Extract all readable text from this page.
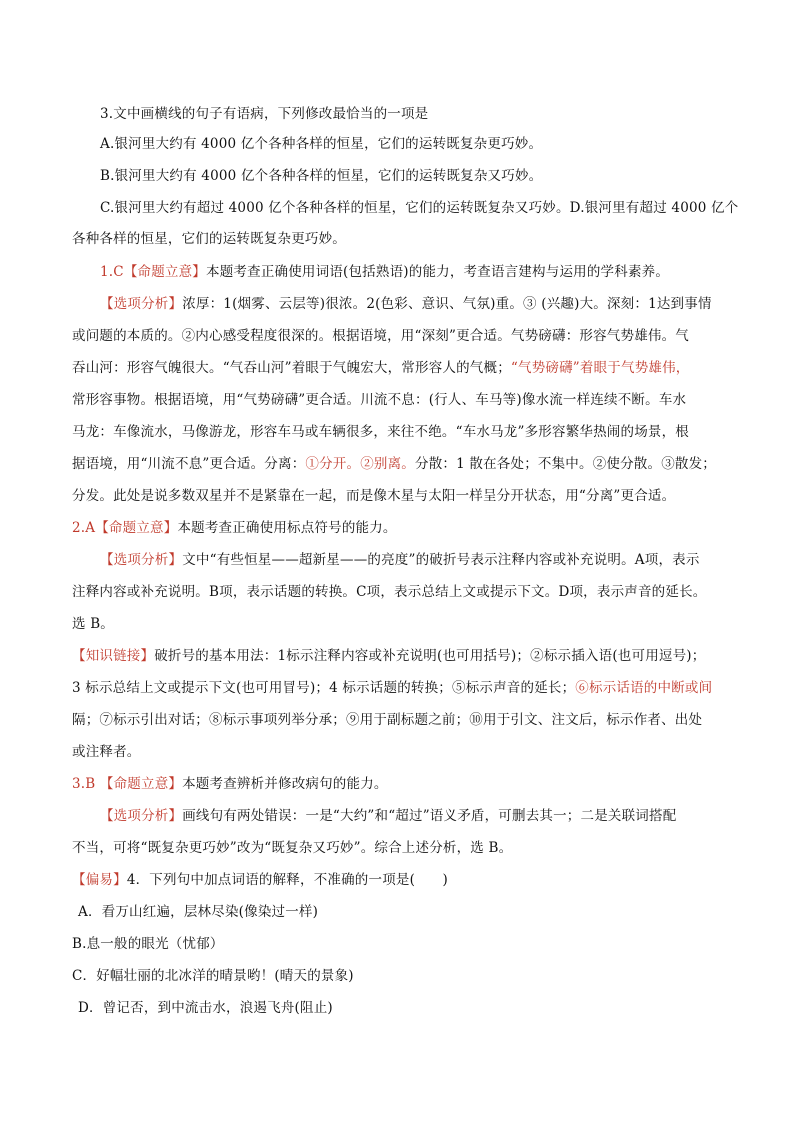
3.文中画横线的句子有语病，下列修改最恰当的一项是
A.银河里大约有 4000 亿个各种各样的恒星，它们的运转既复杂更巧妙。
B.银河里大约有 4000 亿个各种各样的恒星，它们的运转既复杂又巧妙。
C.银河里大约有超过 4000 亿个各种各样的恒星，它们的运转既复杂又巧妙。D.银河里有超过 4000 亿个
各种各样的恒星，它们的运转既复杂更巧妙。
1.C【命题立意】本题考查正确使用词语(包括熟语)的能力，考查语言建构与运用的学科素养。
【选项分析】浓厚：1(烟雾、云层等)很浓。2(色彩、意识、气氛)重。③ (兴趣)大。深刻：1达到事情
或问题的本质的。②内心感受程度很深的。根据语境，用“深刻”更合适。气势磅礴：形容气势雄伟。气
吞山河：形容气魄很大。“气吞山河”着眼于气魄宏大，常形容人的气概；“气势磅礴”着眼于气势雄伟，
常形容事物。根据语境，用“气势磅礴”更合适。川流不息：(行人、车马等)像水流一样连续不断。车水
马龙：车像流水，马像游龙，形容车马或车辆很多，来往不绝。“车水马龙”多形容繁华热闹的场景，根
据语境，用“川流不息”更合适。分离：①分开。②别离。分散：1 散在各处；不集中。②使分散。③散发；
分发。此处是说多数双星并不是紧靠在一起，而是像木星与太阳一样呈分开状态，用“分离”更合适。
2.A【命题立意】本题考查正确使用标点符号的能力。
【选项分析】文中“有些恒星——超新星——的亮度”的破折号表示注释内容或补充说明。A项，表示
注释内容或补充说明。B项，表示话题的转换。C项，表示总结上文或提示下文。D项，表示声音的延长。
选 B。
【知识链接】破折号的基本用法：1标示注释内容或补充说明(也可用括号)；②标示插入语(也可用逗号)；
3 标示总结上文或提示下文(也可用冒号)；4 标示话题的转换；⑤标示声音的延长；⑥标示话语的中断或间
隔；⑦标示引出对话；⑧标示事项列举分承；⑨用于副标题之前；⑩用于引文、注文后，标示作者、出处
或注释者。
3.B 【命题立意】本题考查辨析并修改病句的能力。
【选项分析】画线句有两处错误：一是“大约”和“超过”语义矛盾，可删去其一；二是关联词搭配
不当，可将“既复杂更巧妙”改为“既复杂又巧妙”。综合上述分析，选 B。
【偏易】4．下列句中加点词语的解释，不准确的一项是(　　)
A．看万山红遍，层林尽染(像染过一样)
B.息一般的眼光（忧郁）
C．好幅壮丽的北冰洋的晴景哟！(晴天的景象)
D．曾记否，到中流击水，浪遏飞舟(阻止)
